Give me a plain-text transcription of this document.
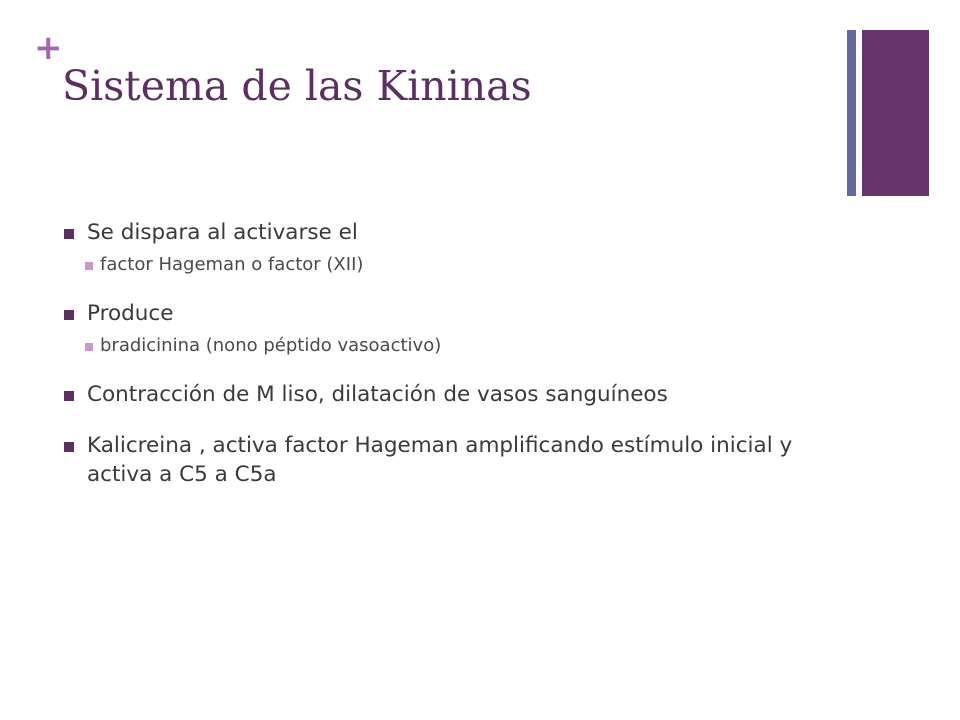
+
Sistema de las Kininas
Se dispara al activarse el
factor Hageman o factor (XII)
Produce
bradicinina (nono péptido vasoactivo)
Contracción de M liso, dilatación de vasos sanguíneos
Kalicreina , activa factor Hageman amplificando estímulo inicial y activa a C5 a C5a
